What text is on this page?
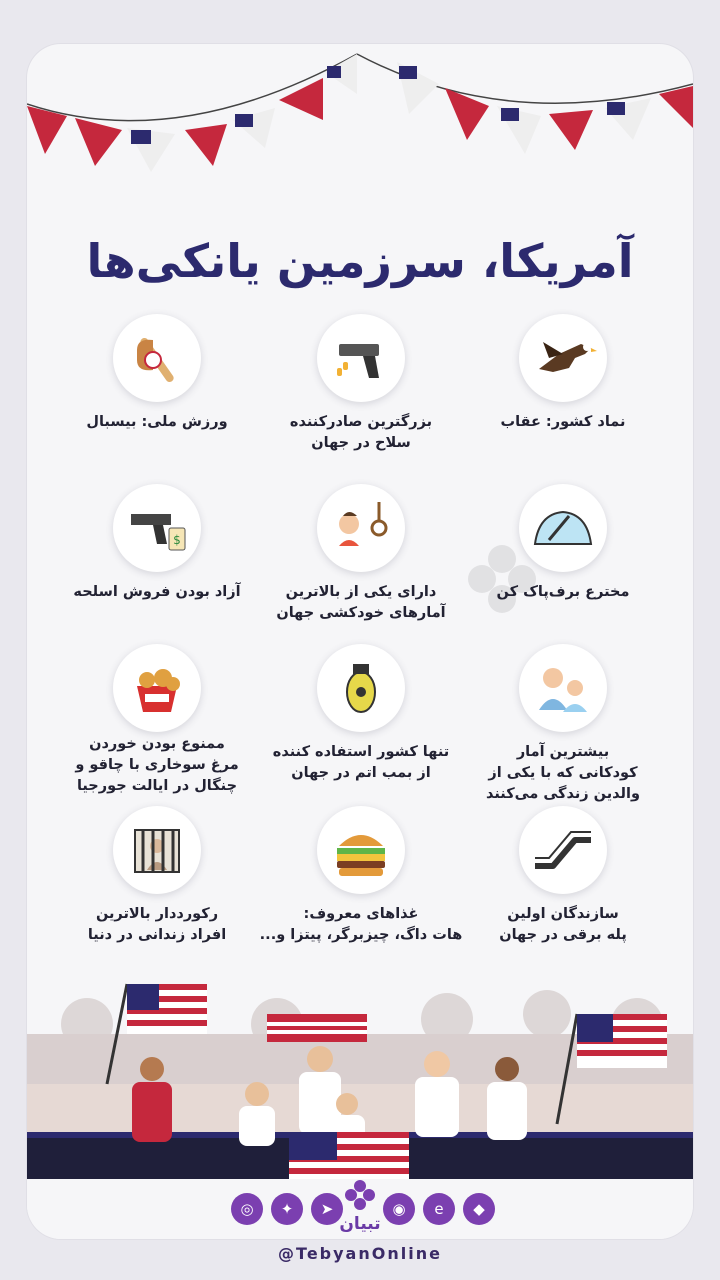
آمریکا، سرزمین یانکی‌ها
نماد کشور: عقاب
بزرگترین صادرکننده
سلاح در جهان
ورزش ملی: بیسبال
مخترع برف‌پاک کن
دارای یکی از بالاترین
آمارهای خودکشی جهان
$
آزاد بودن فروش اسلحه
بیشترین آمار
کودکانی که با یکی از
والدین زندگی می‌کنند
تنها کشور استفاده کننده
از بمب اتم در جهان
ممنوع بودن خوردن
مرغ سوخاری با چاقو و
چنگال در ایالت جورجیا
سازندگان اولین
پله برقی در جهان
غذاهای معروف:
هات داگ، چیزبرگر، پیتزا و...
رکورددار بالاترین
افراد زندانی در دنیا
◎	✦	➤
تبیان
◉	e	◆
@TebyanOnline
